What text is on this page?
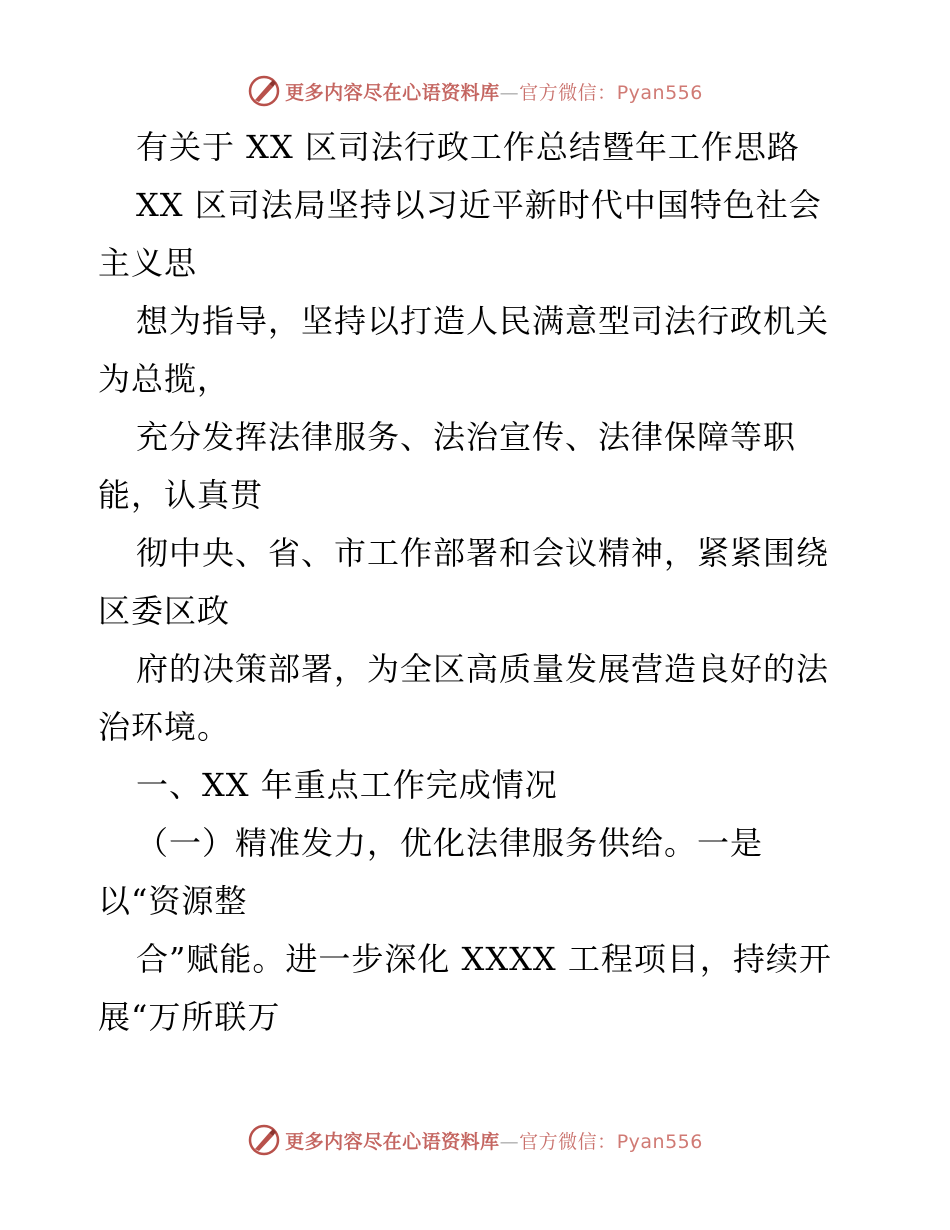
更多内容尽在心语资料库—官方微信：Pyan556
有关于 XX 区司法行政工作总结暨年工作思路
XX 区司法局坚持以习近平新时代中国特色社会
主义思
想为指导，坚持以打造人民满意型司法行政机关
为总揽，
充分发挥法律服务、法治宣传、法律保障等职
能，认真贯
彻中央、省、市工作部署和会议精神，紧紧围绕
区委区政
府的决策部署，为全区高质量发展营造良好的法
治环境。
一、XX 年重点工作完成情况
（一）精准发力，优化法律服务供给。一是
以“资源整
合”赋能。进一步深化 XXXX 工程项目，持续开
展“万所联万
更多内容尽在心语资料库—官方微信：Pyan556
